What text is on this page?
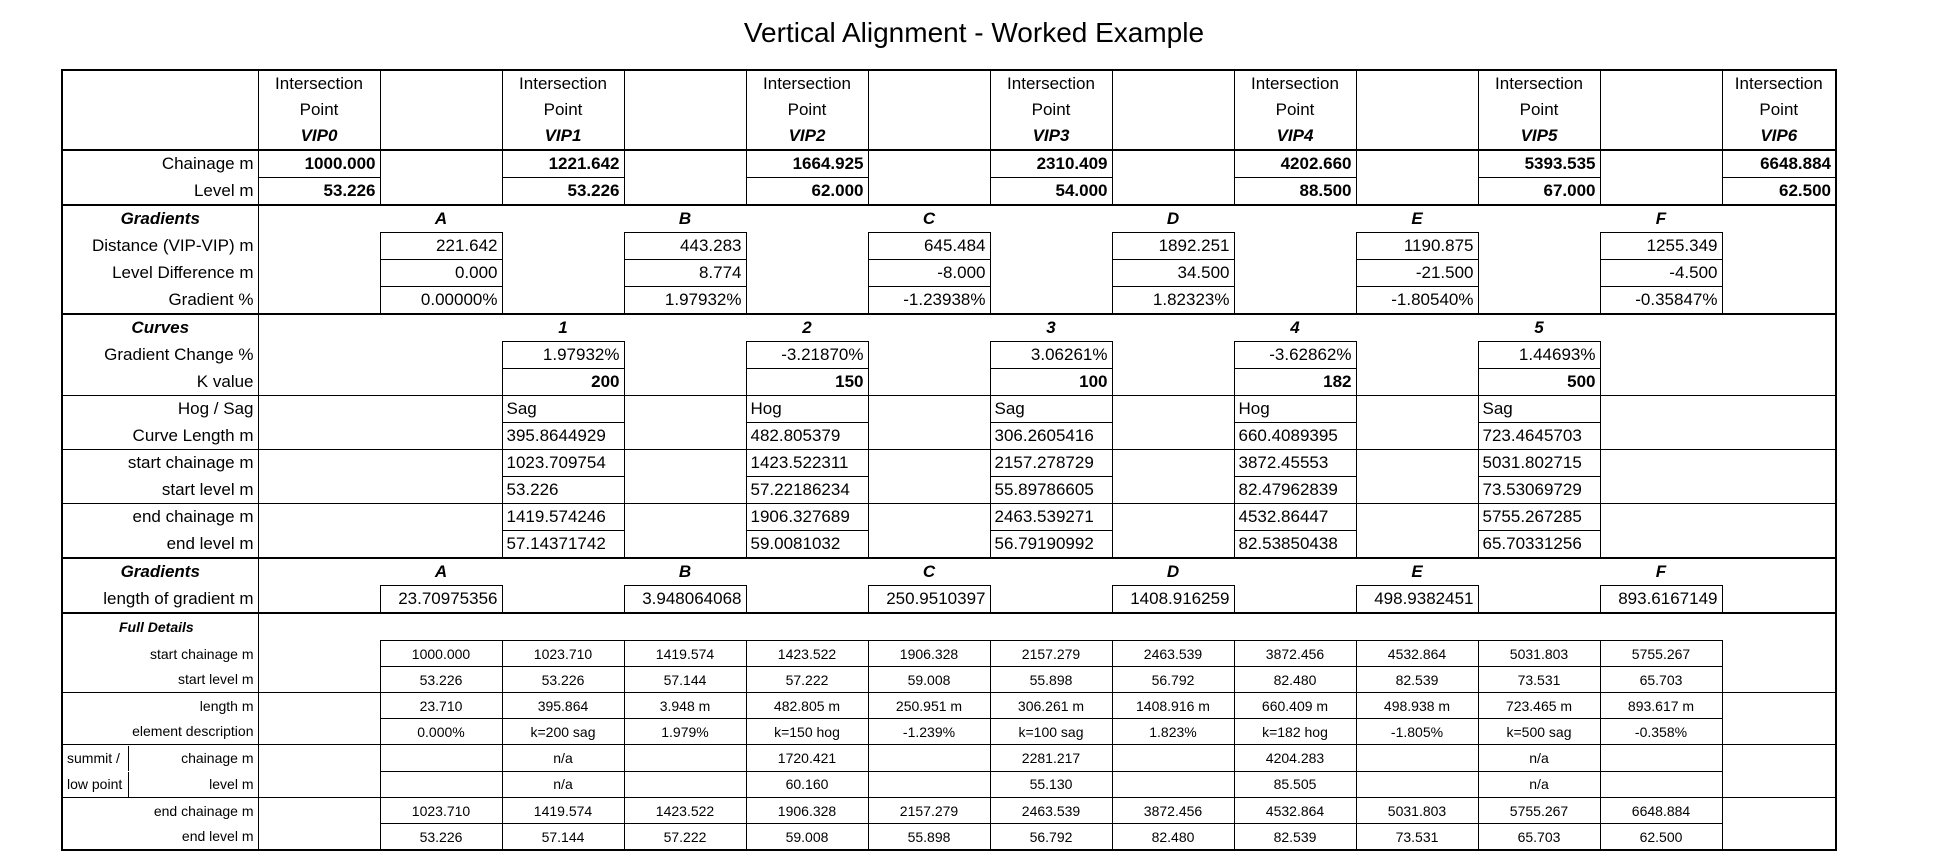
Vertical Alignment - Worked Example
	Intersection		Intersection		Intersection		Intersection		Intersection		Intersection		Intersection
	Point		Point		Point		Point		Point		Point		Point
	VIP0		VIP1		VIP2		VIP3		VIP4		VIP5		VIP6
Chainage m	1000.000		1221.642		1664.925		2310.409		4202.660		5393.535		6648.884
Level m	53.226		53.226		62.000		54.000		88.500		67.000		62.500
Gradients		A		B		C		D		E		F	
Distance (VIP-VIP) m		221.642		443.283		645.484		1892.251		1190.875		1255.349	
Level Difference m		0.000		8.774		-8.000		34.500		-21.500		-4.500	
Gradient %		0.00000%		1.97932%		-1.23938%		1.82323%		-1.80540%		-0.35847%	
Curves			1		2		3		4		5		
Gradient Change %			1.97932%		-3.21870%		3.06261%		-3.62862%		1.44693%		
K value			200		150		100		182		500		
Hog / Sag			Sag		Hog		Sag		Hog		Sag		
Curve Length m			395.8644929		482.805379		306.2605416		660.4089395		723.4645703		
start chainage m			1023.709754		1423.522311		2157.278729		3872.45553		5031.802715		
start level m			53.226		57.22186234		55.89786605		82.47962839		73.53069729		
end chainage m			1419.574246		1906.327689		2463.539271		4532.86447		5755.267285		
end level m			57.14371742		59.0081032		56.79190992		82.53850438		65.70331256		
Gradients		A		B		C		D		E		F	
length of gradient m		23.70975356		3.948064068		250.9510397		1408.916259		498.9382451		893.6167149	
Full Details													
start chainage m		1000.000	1023.710	1419.574	1423.522	1906.328	2157.279	2463.539	3872.456	4532.864	5031.803	5755.267	
start level m		53.226	53.226	57.144	57.222	59.008	55.898	56.792	82.480	82.539	73.531	65.703	
length m		23.710	395.864	3.948 m	482.805 m	250.951 m	306.261 m	1408.916 m	660.409 m	498.938 m	723.465 m	893.617 m	
element description		0.000%	k=200 sag	1.979%	k=150 hog	-1.239%	k=100 sag	1.823%	k=182 hog	-1.805%	k=500 sag	-0.358%	

summit / chainage m			n/a		1720.421		2281.217		4204.283		n/a		

low point level m			n/a		60.160		55.130		85.505		n/a		
end chainage m		1023.710	1419.574	1423.522	1906.328	2157.279	2463.539	3872.456	4532.864	5031.803	5755.267	6648.884	
end level m		53.226	57.144	57.222	59.008	55.898	56.792	82.480	82.539	73.531	65.703	62.500	
